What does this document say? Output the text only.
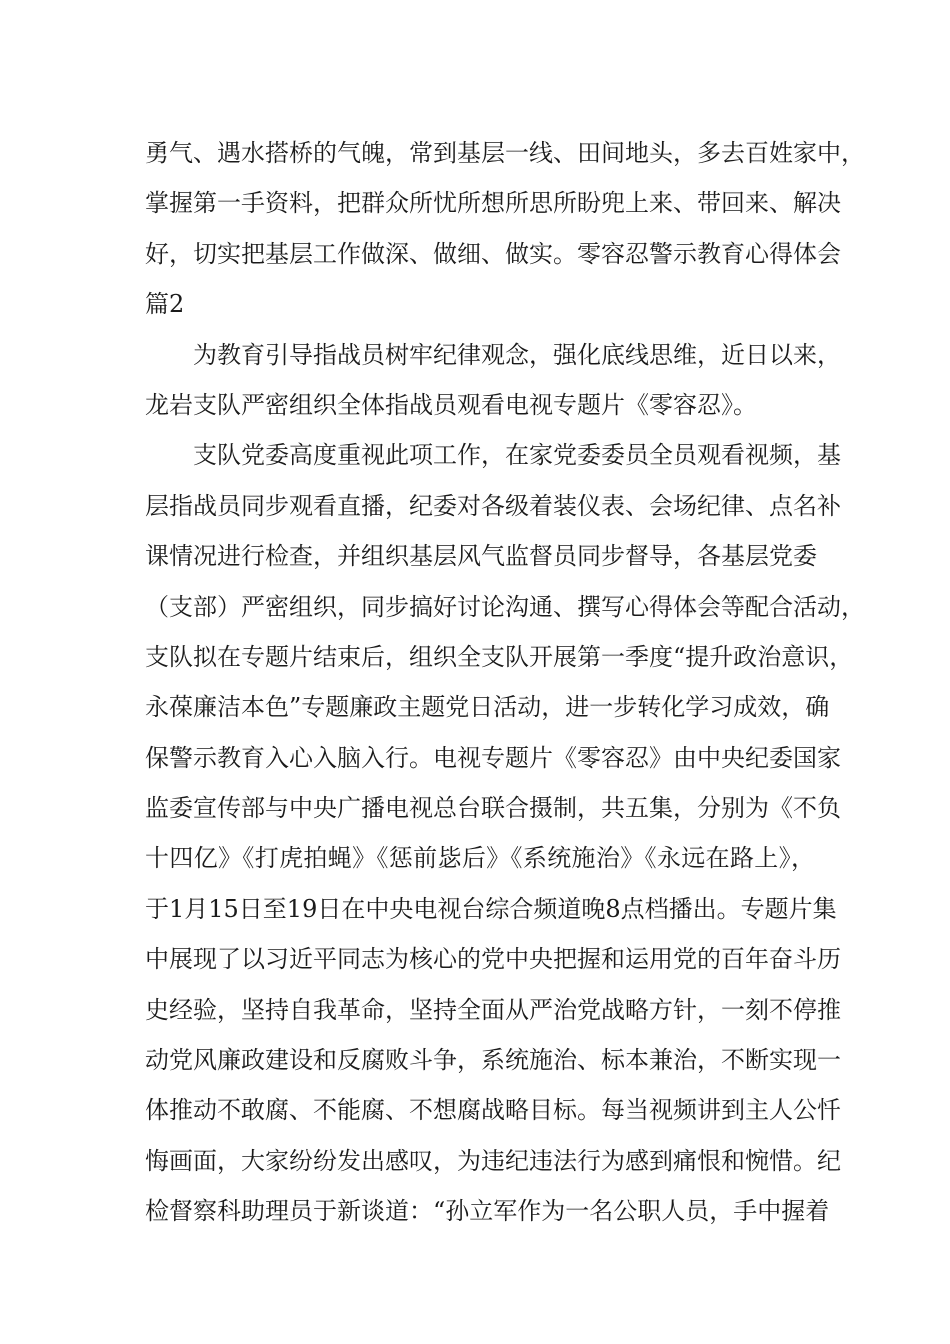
勇气、遇水搭桥的气魄，常到基层一线、田间地头，多去百姓家中，
掌握第一手资料，把群众所忧所想所思所盼兜上来、带回来、解决
好，切实把基层工作做深、做细、做实。零容忍警示教育心得体会
篇2
为教育引导指战员树牢纪律观念，强化底线思维，近日以来，
龙岩支队严密组织全体指战员观看电视专题片《零容忍》。
支队党委高度重视此项工作，在家党委委员全员观看视频，基
层指战员同步观看直播，纪委对各级着装仪表、会场纪律、点名补
课情况进行检查，并组织基层风气监督员同步督导，各基层党委
（支部）严密组织，同步搞好讨论沟通、撰写心得体会等配合活动，
支队拟在专题片结束后，组织全支队开展第一季度“提升政治意识，
永葆廉洁本色”专题廉政主题党日活动，进一步转化学习成效，确
保警示教育入心入脑入行。电视专题片《零容忍》由中央纪委国家
监委宣传部与中央广播电视总台联合摄制，共五集，分别为《不负
十四亿》《打虎拍蝇》《惩前毖后》《系统施治》《永远在路上》，
于1月15日至19日在中央电视台综合频道晚8点档播出。专题片集
中展现了以习近平同志为核心的党中央把握和运用党的百年奋斗历
史经验，坚持自我革命，坚持全面从严治党战略方针，一刻不停推
动党风廉政建设和反腐败斗争，系统施治、标本兼治，不断实现一
体推动不敢腐、不能腐、不想腐战略目标。每当视频讲到主人公忏
悔画面，大家纷纷发出感叹，为违纪违法行为感到痛恨和惋惜。纪
检督察科助理员于新谈道：“孙立军作为一名公职人员，手中握着
